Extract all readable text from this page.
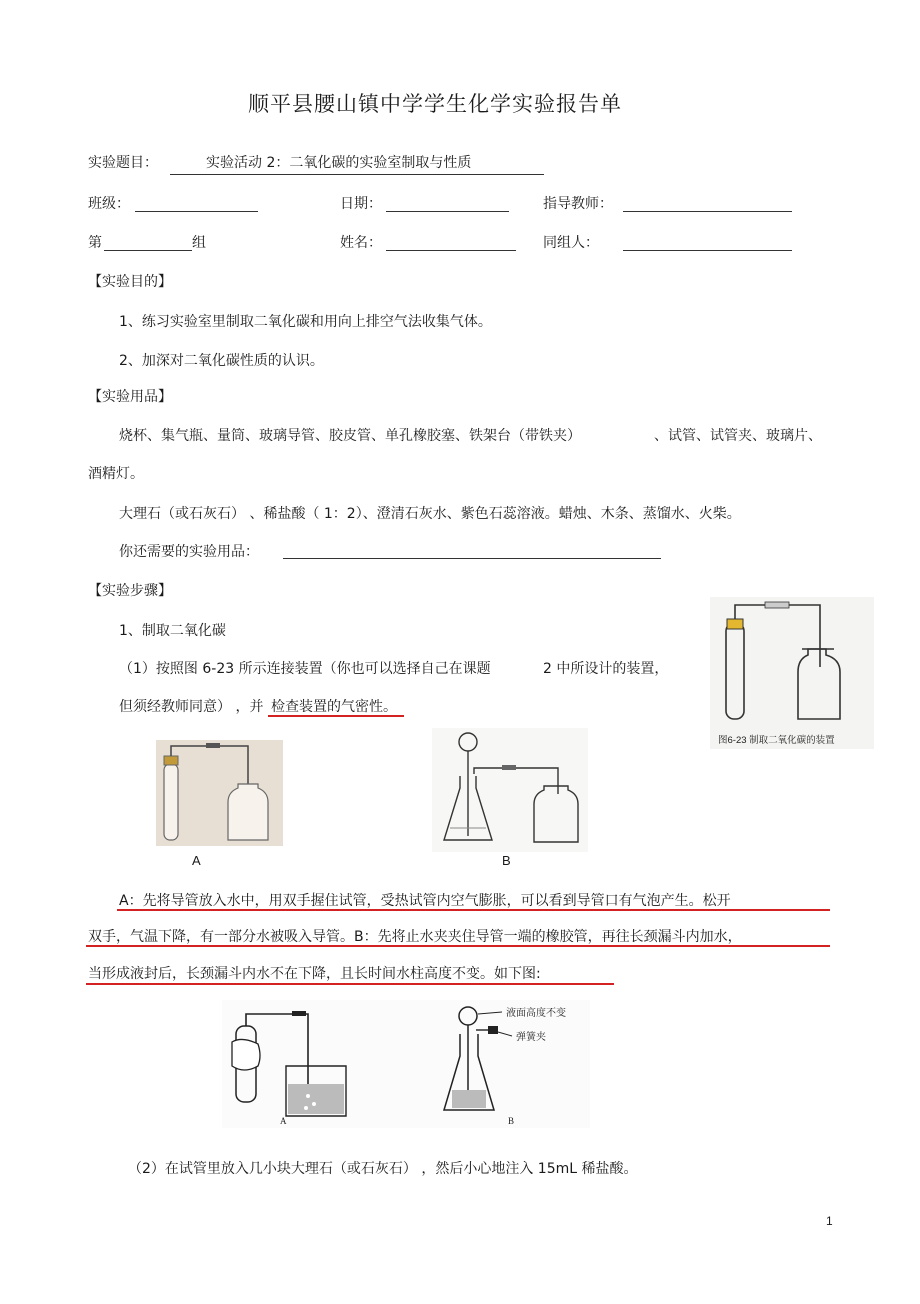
顺平县腰山镇中学学生化学实验报告单
实验题目：	实验活动 2：二氧化碳的实验室制取与性质
班级：	日期：	指导教师：
第	组	姓名：	同组人：
【实验目的】
1、练习实验室里制取二氧化碳和用向上排空气法收集气体。
2、加深对二氧化碳性质的认识。
【实验用品】
烧杯、集气瓶、量筒、玻璃导管、胶皮管、单孔橡胶塞、铁架台（带铁夹）	、试管、试管夹、玻璃片、
酒精灯。
大理石（或石灰石） 、稀盐酸（ 1：2）、澄清石灰水、紫色石蕊溶液。蜡烛、木条、蒸馏水、火柴。
你还需要的实验用品：
【实验步骤】
1、制取二氧化碳
（1）按照图 6-23 所示连接装置（你也可以选择自己在课题	2 中所设计的装置，
但须经教师同意） ，并 检查装置的气密性。
图6-23 制取二氧化碳的装置
A	B
A：先将导管放入水中，用双手握住试管，受热试管内空气膨胀，可以看到导管口有气泡产生。松开
双手，气温下降，有一部分水被吸入导管。B：先将止水夹夹住导管一端的橡胶管，再往长颈漏斗内加水，
当形成液封后，长颈漏斗内水不在下降，且长时间水柱高度不变。如下图:
A
液面高度不变
弹簧夹
B
（2）在试管里放入几小块大理石（或石灰石） ，然后小心地注入 15mL 稀盐酸。
1
